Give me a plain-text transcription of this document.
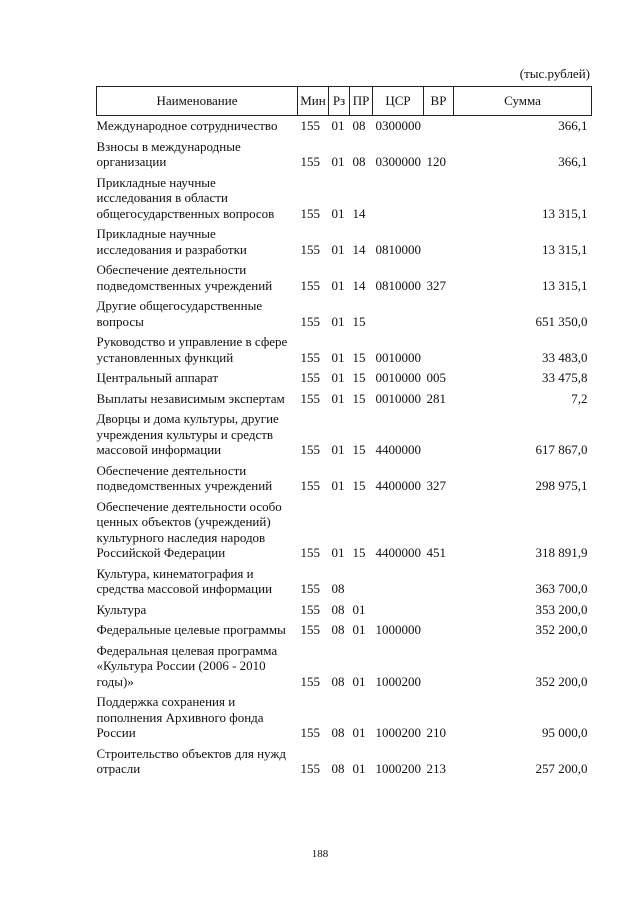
(тыс.рублей)
Наименование	Мин	Рз	ПР	ЦСР	ВР	Сумма
Международное сотрудничество	155	01	08	0300000		366,1
Взносы в международные организации	155	01	08	0300000	120	366,1
Прикладные научные исследования в области общегосударственных вопросов	155	01	14			13 315,1
Прикладные научные исследования и разработки	155	01	14	0810000		13 315,1
Обеспечение деятельности подведомственных учреждений	155	01	14	0810000	327	13 315,1
Другие общегосударственные вопросы	155	01	15			651 350,0
Руководство и управление в сфере установленных функций	155	01	15	0010000		33 483,0
Центральный аппарат	155	01	15	0010000	005	33 475,8
Выплаты независимым экспертам	155	01	15	0010000	281	7,2
Дворцы и дома культуры, другие учреждения культуры и средств массовой информации	155	01	15	4400000		617 867,0
Обеспечение деятельности подведомственных учреждений	155	01	15	4400000	327	298 975,1
Обеспечение деятельности особо ценных объектов (учреждений) культурного наследия народов Российской Федерации	155	01	15	4400000	451	318 891,9
Культура, кинематография и средства массовой информации	155	08				363 700,0
Культура	155	08	01			353 200,0
Федеральные целевые программы	155	08	01	1000000		352 200,0
Федеральная целевая программа «Культура России (2006 - 2010 годы)»	155	08	01	1000200		352 200,0
Поддержка сохранения и пополнения Архивного фонда России	155	08	01	1000200	210	95 000,0
Строительство объектов для нужд отрасли	155	08	01	1000200	213	257 200,0
188
